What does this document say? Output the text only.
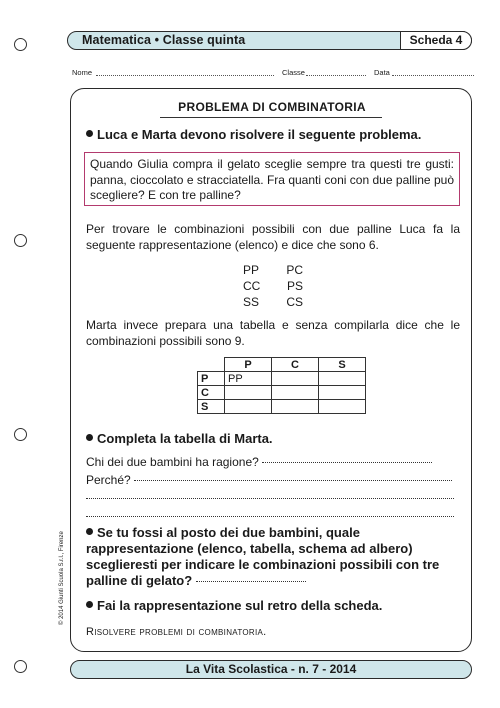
Matematica • Classe quinta	Scheda 4
Nome	Classe	Data
PROBLEMA DI COMBINATORIA
Luca e Marta devono risolvere il seguente problema.
Quando Giulia compra il gelato sceglie sempre tra questi tre gusti: panna, cioccolato e stracciatella. Fra quanti coni con due palline può scegliere? E con tre palline?
Per trovare le combinazioni possibili con due palline Luca fa la seguente rappresentazione (elenco) e dice che sono 6.
PP PC
CC PS
SS CS
Marta invece prepara una tabella e senza compilarla dice che le combinazioni possibili sono 9.
	P	C	S
P	PP		
C			
S			
Completa la tabella di Marta.
Chi dei due bambini ha ragione?
Perché?
Se tu fossi al posto dei due bambini, quale rappresentazione (elenco, tabella, schema ad albero) sceglieresti per indicare le combinazioni possibili con tre palline di gelato?
Fai la rappresentazione sul retro della scheda.
Risolvere problemi di combinatoria.
© 2014 Giunti Scuola S.r.l., Firenze
La Vita Scolastica - n. 7 - 2014
